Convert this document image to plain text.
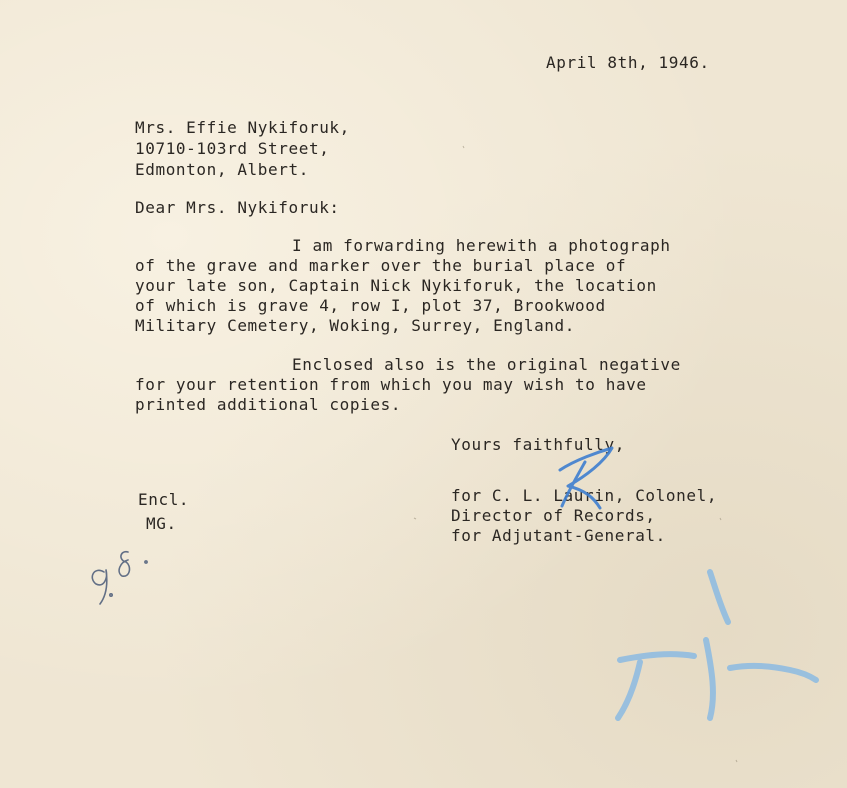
April 8th, 1946.
Mrs. Effie Nykiforuk,
10710-103rd Street,
Edmonton, Albert.
Dear Mrs. Nykiforuk:
I am forwarding herewith a photograph
of the grave and marker over the burial place of
your late son, Captain Nick Nykiforuk, the location
of which is grave 4, row I, plot 37, Brookwood
Military Cemetery, Woking, Surrey, England.
Enclosed also is the original negative
for your retention from which you may wish to have
printed additional copies.
Yours faithfully,
Encl.
MG.
for C. L. Laurin, Colonel,
Director of Records,
for Adjutant-General.
